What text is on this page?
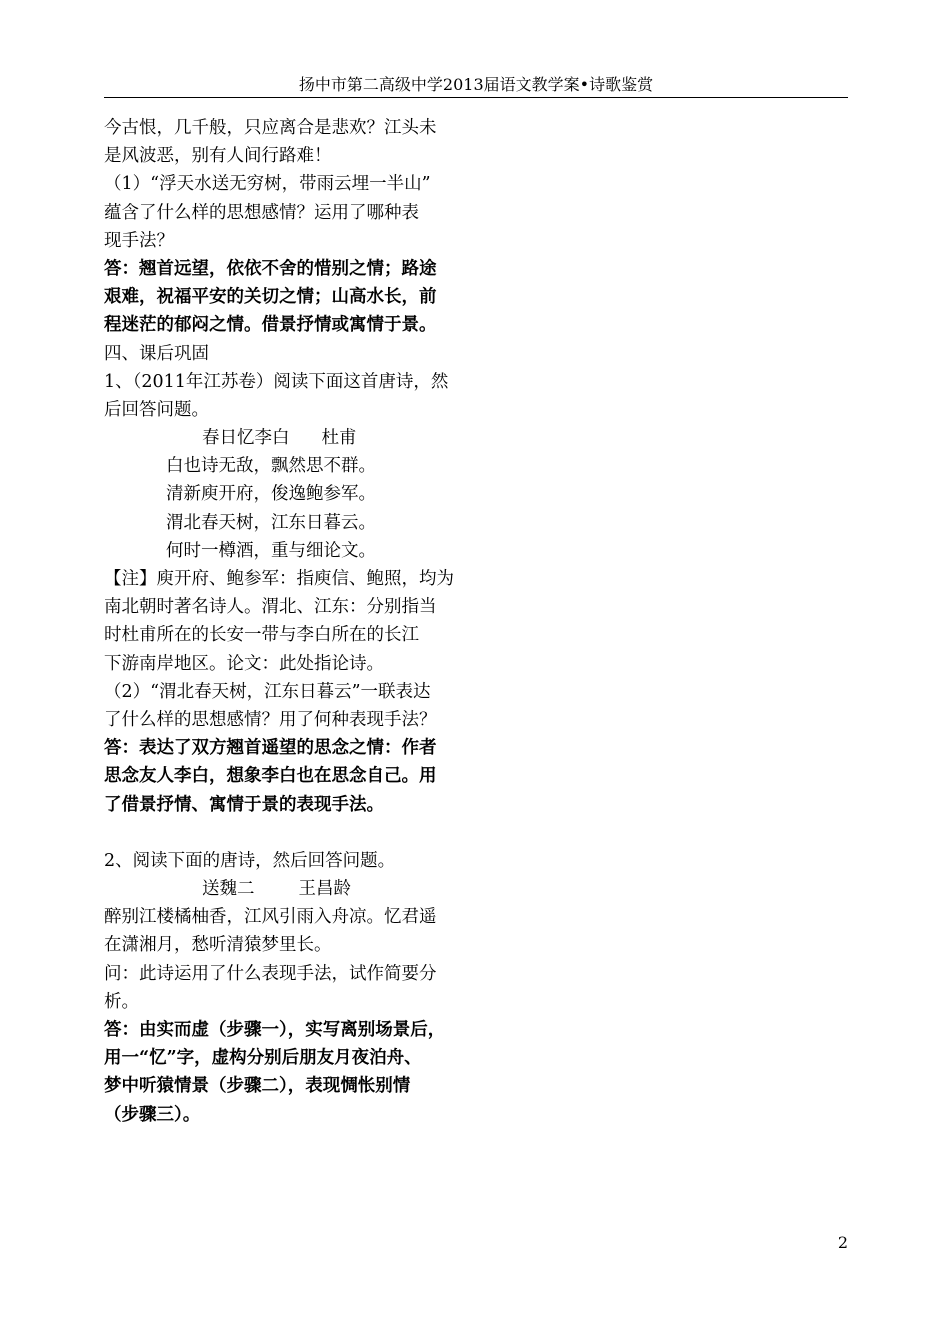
扬中市第二高级中学2013届语文教学案•诗歌鉴赏
今古恨，几千般，只应离合是悲欢？江头未
是风波恶，别有人间行路难！
（1）“浮天水送无穷树，带雨云埋一半山”
蕴含了什么样的思想感情？运用了哪种表
现手法？
答：翘首远望，依依不舍的惜别之情；路途
艰难，祝福平安的关切之情；山高水长，前
程迷茫的郁闷之情。借景抒情或寓情于景。
四、课后巩固
1、（2011年江苏卷）阅读下面这首唐诗，然
后回答问题。
春日忆李白 杜甫
白也诗无敌，飘然思不群。
清新庾开府，俊逸鲍参军。
渭北春天树，江东日暮云。
何时一樽酒，重与细论文。
【注】庾开府、鲍参军：指庾信、鲍照，均为
南北朝时著名诗人。渭北、江东：分别指当
时杜甫所在的长安一带与李白所在的长江
下游南岸地区。论文：此处指论诗。
（2）“渭北春天树，江东日暮云”一联表达
了什么样的思想感情？用了何种表现手法？
答：表达了双方翘首遥望的思念之情：作者
思念友人李白，想象李白也在思念自己。用
了借景抒情、寓情于景的表现手法。
2、阅读下面的唐诗，然后回答问题。
送魏二	王昌龄
醉别江楼橘柚香，江风引雨入舟凉。忆君遥
在潇湘月，愁听清猿梦里长。
问：此诗运用了什么表现手法，试作简要分
析。
答：由实而虚（步骤一），实写离别场景后，
用一“忆”字，虚构分别后朋友月夜泊舟、
梦中听猿情景（步骤二），表现惆怅别情
（步骤三）。
2
